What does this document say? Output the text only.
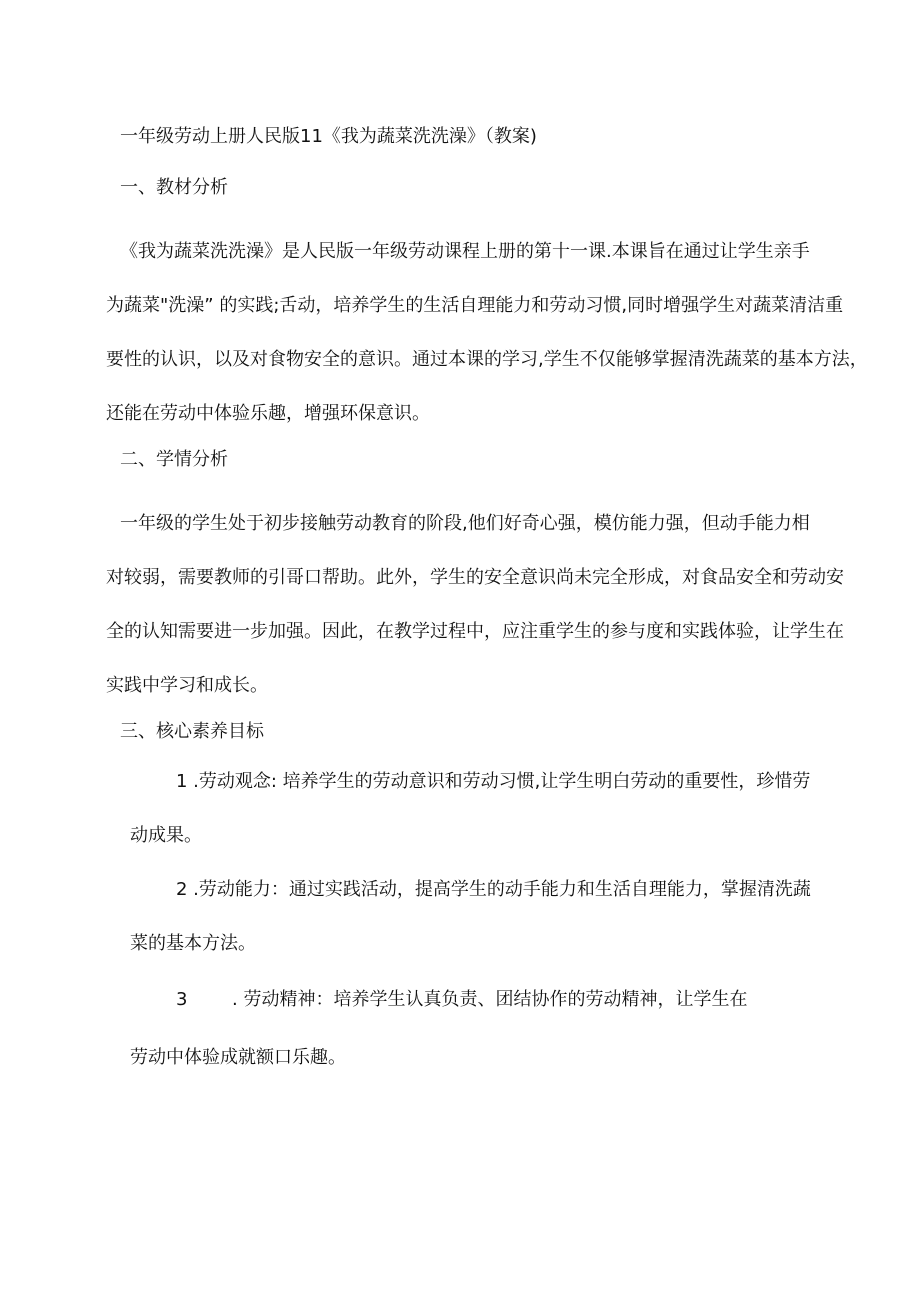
一年级劳动上册人民版11《我为蔬菜洗洗澡》（教案)
一、教材分析
《我为蔬菜洗洗澡》是人民版一年级劳动课程上册的第十一课.本课旨在通过让学生亲手
为蔬菜"洗澡” 的实践;舌动，培养学生的生活自理能力和劳动习惯,同时增强学生对蔬菜清洁重
要性的认识，以及对食物安全的意识。通过本课的学习,学生不仅能够掌握清洗蔬菜的基本方法，
还能在劳动中体验乐趣，增强环保意识。
二、学情分析
一年级的学生处于初步接触劳动教育的阶段,他们好奇心强，模仿能力强，但动手能力相
对较弱，需要教师的引哥口帮助。此外，学生的安全意识尚未完全形成，对食品安全和劳动安
全的认知需要进一步加强。因此，在教学过程中，应注重学生的参与度和实践体验，让学生在
实践中学习和成长。
三、核心素养目标
1 .劳动观念: 培养学生的劳动意识和劳动习惯,让学生明白劳动的重要性，珍惜劳
动成果。
2 .劳动能力：通过实践活动，提高学生的动手能力和生活自理能力，掌握清洗蔬
菜的基本方法。
3 . 劳动精神：培养学生认真负责、团结协作的劳动精神，让学生在
劳动中体验成就额口乐趣。
